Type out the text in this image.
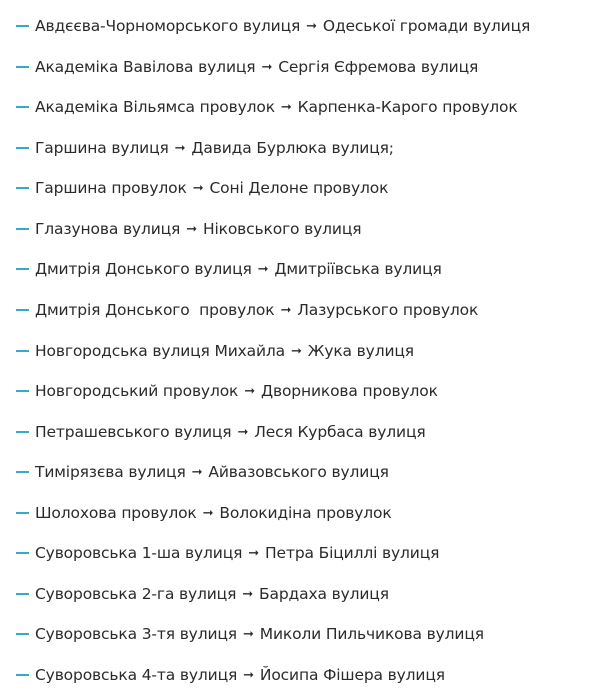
Авдєєва-Чорноморського вулиця ➞ Одеської громади вулиця
Академіка Вавілова вулиця ➞ Сергія Єфремова вулиця
Академіка Вільямса провулок ➞ Карпенка-Карого провулок
Гаршина вулиця ➞ Давида Бурлюка вулиця;
Гаршина провулок ➞ Соні Делоне провулок
Глазунова вулиця ➞ Ніковського вулиця
Дмитрія Донського вулиця ➞ Дмитріївська вулиця
Дмитрія Донського  провулок ➞ Лазурського провулок
Новгородська вулиця Михайла ➞ Жука вулиця
Новгородський провулок ➞ Дворникова провулок
Петрашевського вулиця ➞ Леся Курбаса вулиця
Тимірязєва вулиця ➞ Айвазовського вулиця
Шолохова провулок ➞ Волокидіна провулок
Суворовська 1-ша вулиця ➞ Петра Біциллі вулиця
Суворовська 2-га вулиця ➞ Бардаха вулиця
Суворовська 3-тя вулиця ➞ Миколи Пильчикова вулиця
Суворовська 4-та вулиця ➞ Йосипа Фішера вулиця
